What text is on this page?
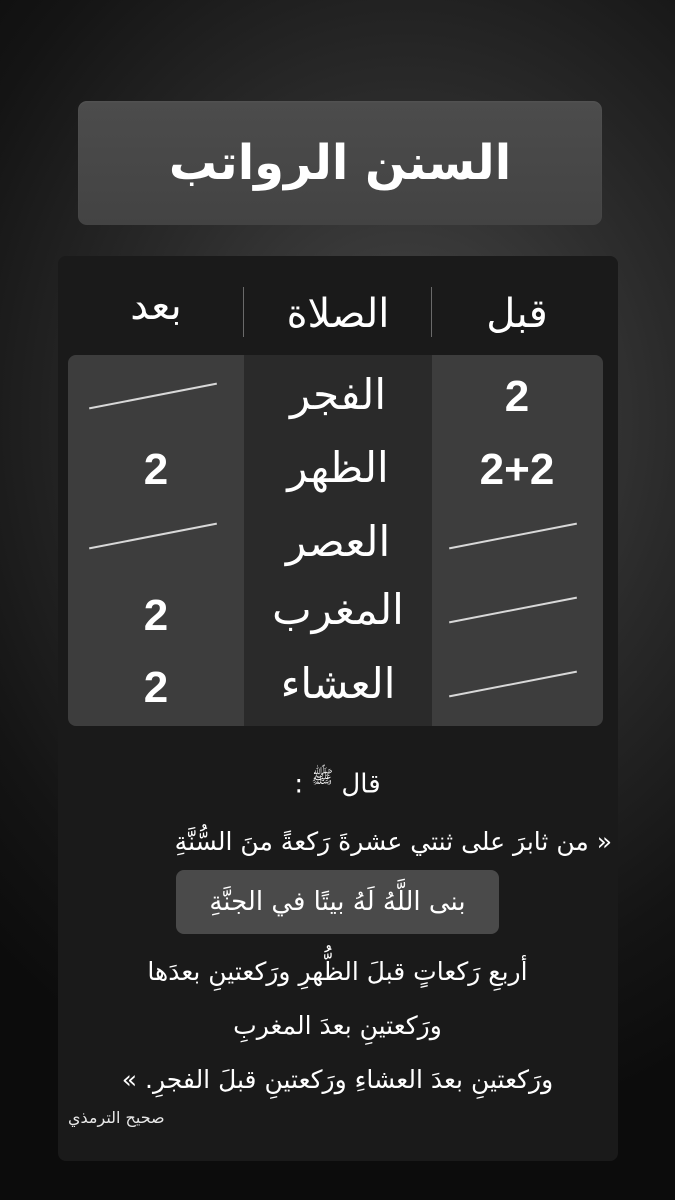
السنن الرواتب
قبل
الصلاة
بعد
2
الفجر
2+2
الظهر
2
العصر
المغرب
2
العشاء
2
قال $^ﷺ$ :
« من ثابرَ على ثنتي عشرةَ رَكعةً منَ السُّنَّةِ
بنى اللَّهُ لَهُ بيتًا في الجنَّةِ
أربعِ رَكعاتٍ قبلَ الظُّهرِ ورَكعتينِ بعدَها
ورَكعتينِ بعدَ المغربِ
ورَكعتينِ بعدَ العشاءِ ورَكعتينِ قبلَ الفجرِ. »
صحيح الترمذي
